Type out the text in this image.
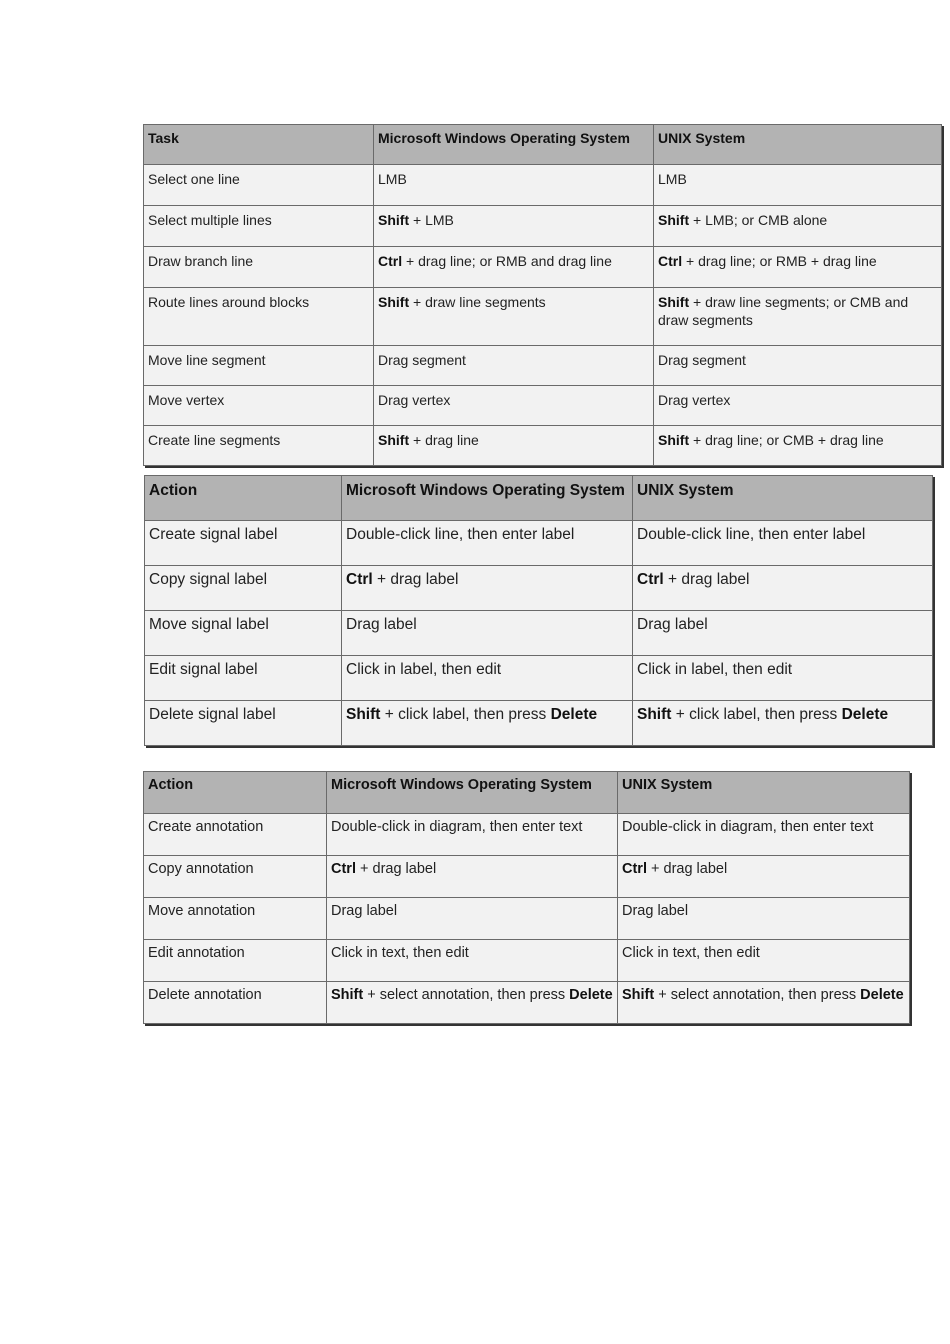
Task	Microsoft Windows Operating System	UNIX System
Select one line	LMB	LMB
Select multiple lines	Shift + LMB	Shift + LMB; or CMB alone
Draw branch line	Ctrl + drag line; or RMB and drag line	Ctrl + drag line; or RMB + drag line
Route lines around blocks	Shift + draw line segments	Shift + draw line segments; or CMB and draw segments
Move line segment	Drag segment	Drag segment
Move vertex	Drag vertex	Drag vertex
Create line segments	Shift + drag line	Shift + drag line; or CMB + drag line
Action	Microsoft Windows Operating System	UNIX System
Create signal label	Double-click line, then enter label	Double-click line, then enter label
Copy signal label	Ctrl + drag label	Ctrl + drag label
Move signal label	Drag label	Drag label
Edit signal label	Click in label, then edit	Click in label, then edit
Delete signal label	Shift + click label, then press Delete	Shift + click label, then press Delete
Action	Microsoft Windows Operating System	UNIX System
Create annotation	Double-click in diagram, then enter text	Double-click in diagram, then enter text
Copy annotation	Ctrl + drag label	Ctrl + drag label
Move annotation	Drag label	Drag label
Edit annotation	Click in text, then edit	Click in text, then edit
Delete annotation	Shift + select annotation, then press Delete	Shift + select annotation, then press Delete
